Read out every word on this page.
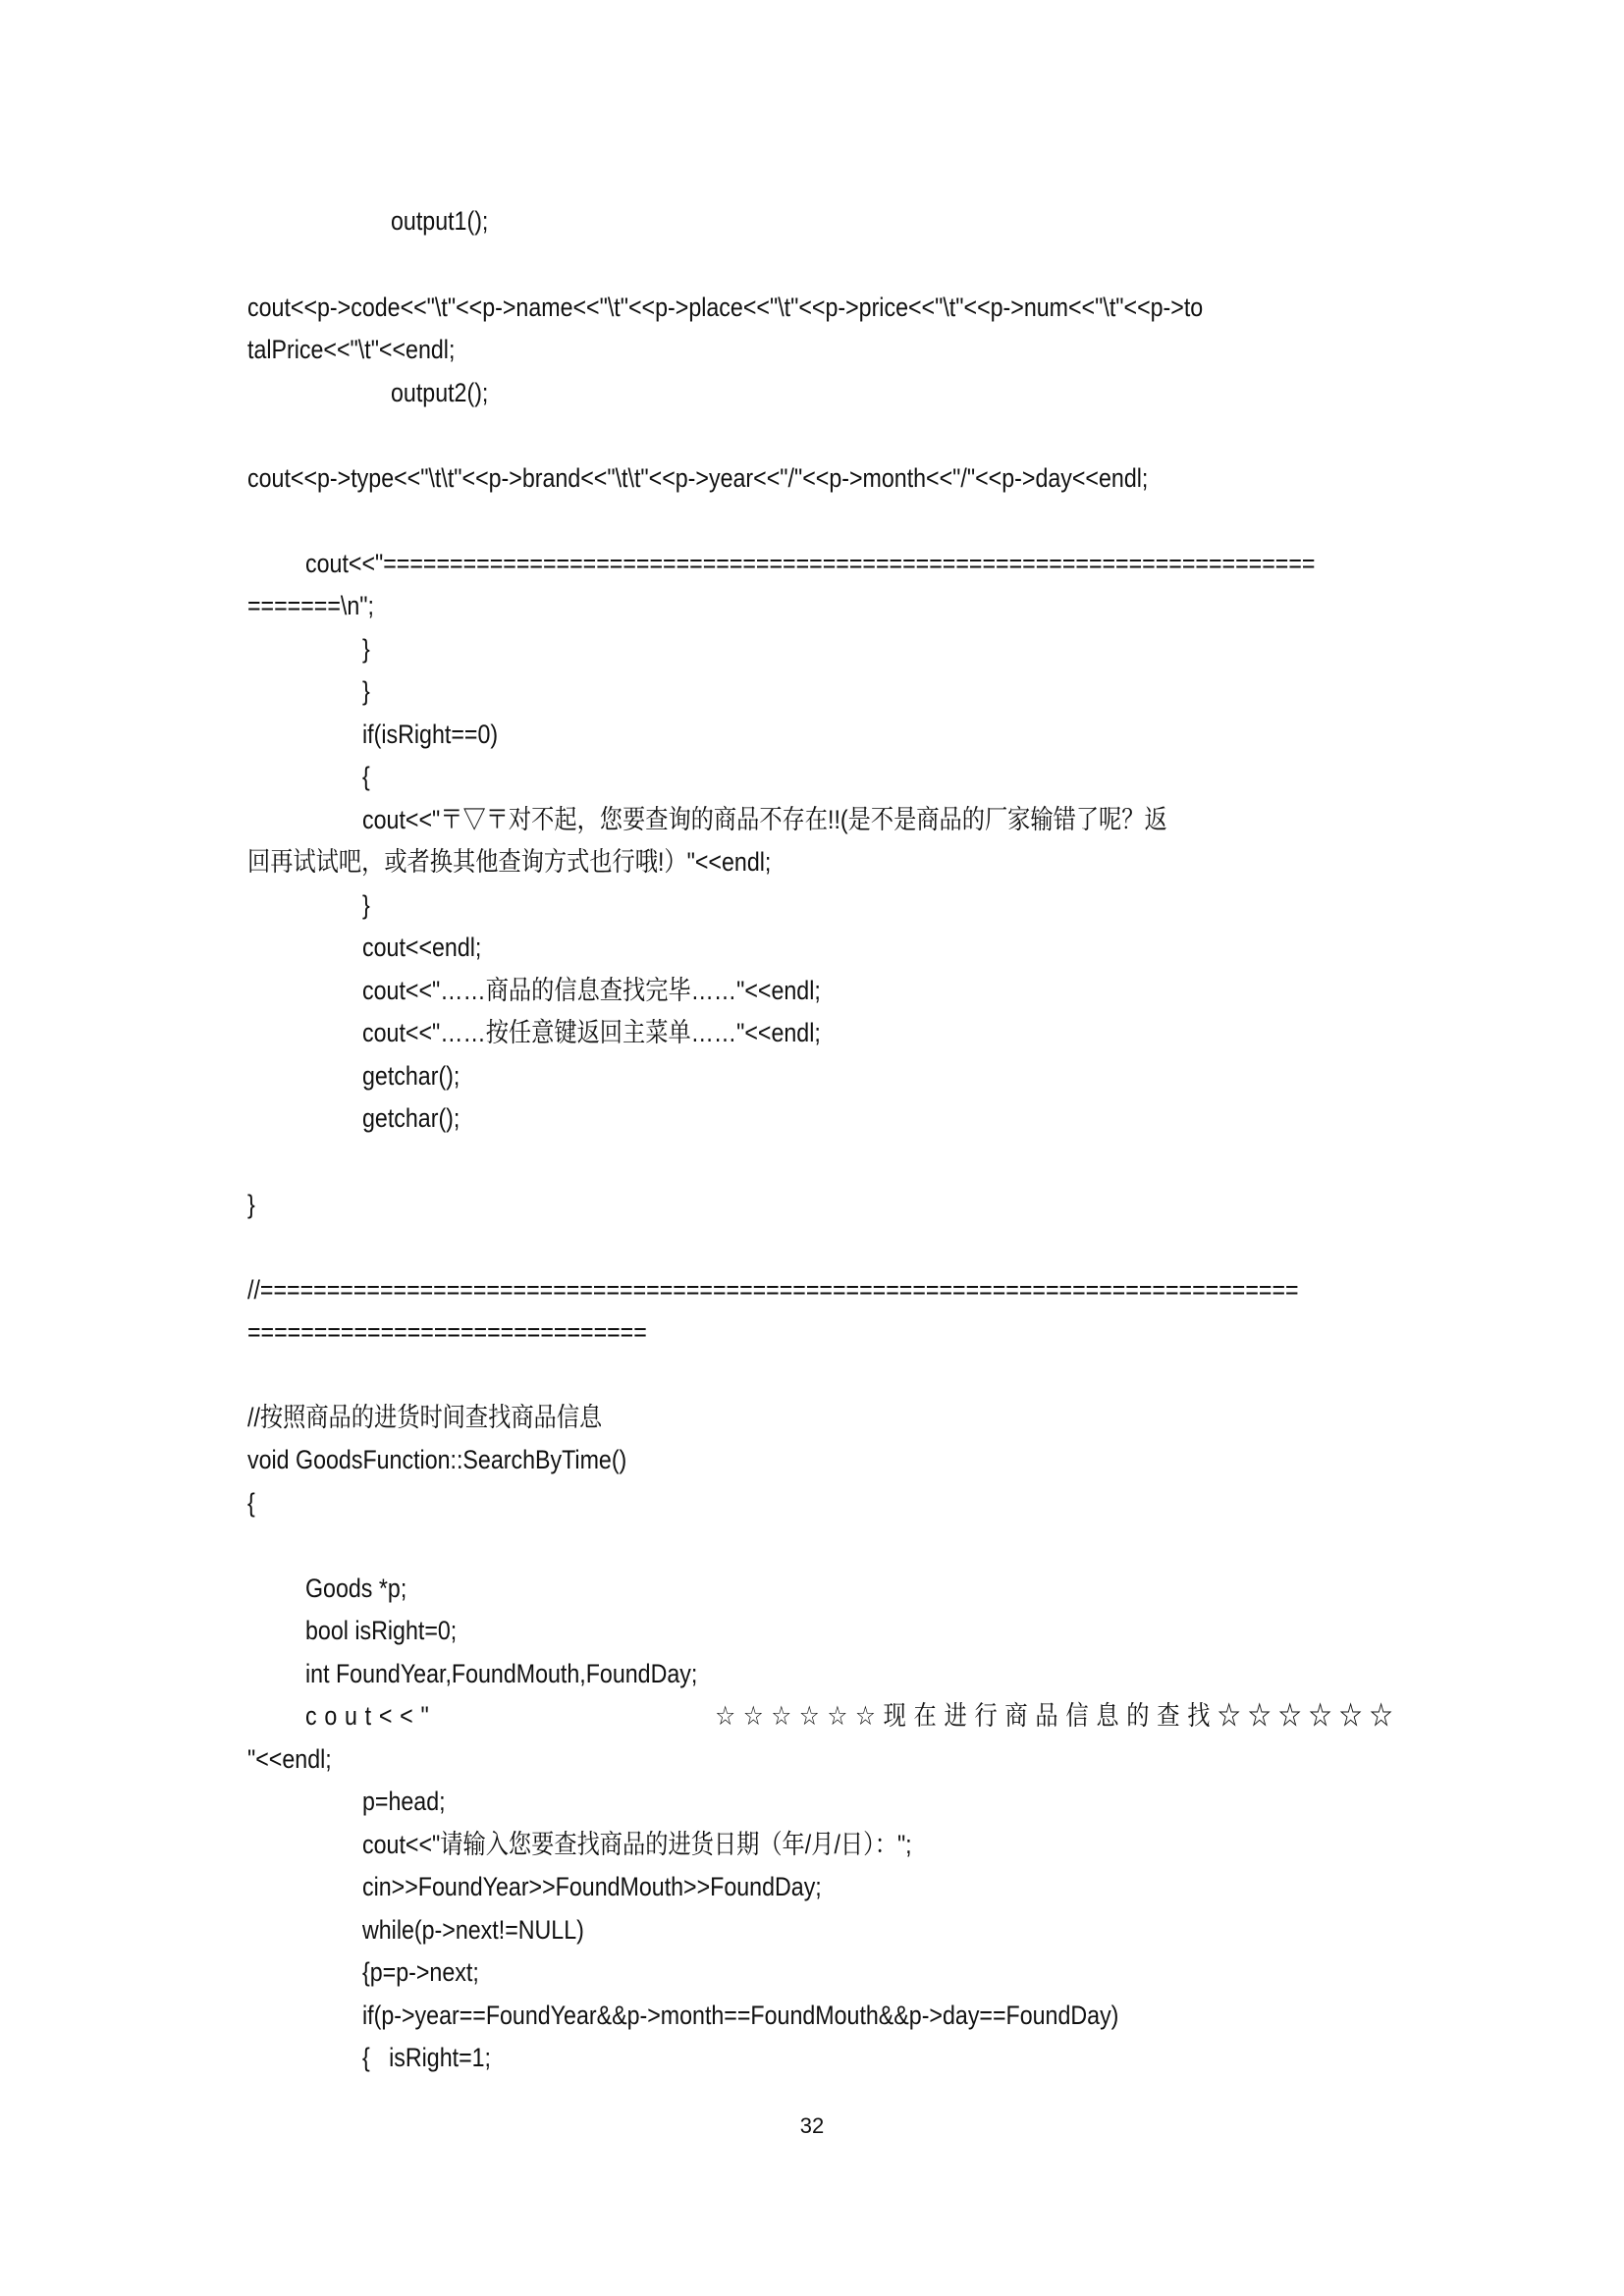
output1();
cout<<p->code<<"\t"<<p->name<<"\t"<<p->place<<"\t"<<p->price<<"\t"<<p->num<<"\t"<<p->to
talPrice<<"\t"<<endl;
output2();
cout<<p->type<<"\t\t"<<p->brand<<"\t\t"<<p->year<<"/"<<p->month<<"/"<<p->day<<endl;
cout<<"======================================================================
=======\n";
}
}
if(isRight==0)
{
cout<<"〒▽〒对不起，您要查询的商品不存在!!(是不是商品的厂家输错了呢？返
回再试试吧，或者换其他查询方式也行哦!）"<<endl;
}
cout<<endl;
cout<<"……商品的信息查找完毕……"<<endl;
cout<<"……按任意键返回主菜单……"<<endl;
getchar();
getchar();
}
//==============================================================================
==============================
//按照商品的进货时间查找商品信息
void GoodsFunction::SearchByTime()
{
Goods *p;
bool isRight=0;
int FoundYear,FoundMouth,FoundDay;
cout<<"                    ☆☆☆☆☆☆现在进行商品信息的查找☆☆☆☆☆☆
"<<endl;
p=head;
cout<<"请输入您要查找商品的进货日期（年/月/日）：";
cin>>FoundYear>>FoundMouth>>FoundDay;
while(p->next!=NULL)
{p=p->next;
if(p->year==FoundYear&&p->month==FoundMouth&&p->day==FoundDay)
{   isRight=1;
32
